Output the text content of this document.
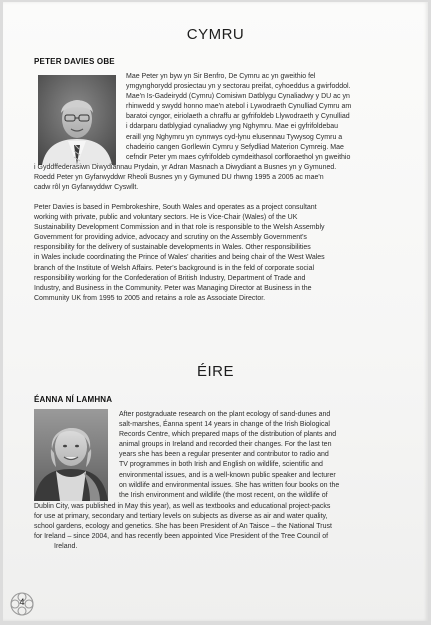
CYMRU
PETER DAVIES OBE

Mae Peter yn byw yn Sir Benfro, De Cymru ac yn gweithio fel

ymgynghorydd prosiectau yn y sectorau preifat, cyhoeddus a gwirfoddol.

Mae'n Is-Gadeirydd (Cymru) Comisiwn Datblygu Cynaliadwy y DU ac yn

rhinwedd y swydd honno mae'n atebol i Lywodraeth Cynulliad Cymru am

baratoi cyngor, eiriolaeth a chraffu ar gyfrifoldeb Llywodraeth y Cynulliad

i ddarparu datblygiad cynaliadwy yng Nghymru. Mae ei gyfrifoldebau

eraill yng Nghymru yn cynnwys cyd-lynu elusennau Tywysog Cymru a

chadeirio cangen Gorllewin Cymru y Sefydliad Materion Cymreig. Mae

cefndir Peter ym maes cyfrifoldeb cymdeithasol corfforaethol yn gweithio

i Gyddffederasiwn Diwydiannau Prydain, yr Adran Masnach a Diwydiant a Busnes yn y Gymuned.

Roedd Peter yn Gyfarwyddwr Rheoli Busnes yn y Gymuned DU rhwng 1995 a 2005 ac mae'n

cadw rôl yn Gyfarwyddwr Cyswllt.

Peter Davies is based in Pembrokeshire, South Wales and operates as a project consultant

working with private, public and voluntary sectors. He is Vice-Chair (Wales) of the UK

Sustainability Development Commission and in that role is responsible to the Welsh Assembly

Government for providing advice, advocacy and scrutiny on the Assembly Government's

responsibility for the delivery of sustainable developments in Wales. Other responsibilities

in Wales include coordinating the Prince of Wales' charities and being chair of the West Wales

branch of the Institute of Welsh Affairs. Peter's background is in the feld of corporate social

responsibility working for the Confederation of British Industry, Department of Trade and

Industry, and Business in the Community. Peter was Managing Director at Business in the

Community UK from 1995 to 2005 and retains a role as Associate Director.

ÉIRE
ÉANNA NÍ LAMHNA

After postgraduate research on the plant ecology of sand-dunes and

salt-marshes, Éanna spent 14 years in change of the Irish Biological

Records Centre, which prepared maps of the distribution of plants and

animal groups in Ireland and recorded their changes. For the last ten

years she has been a regular presenter and contributor to radio and

TV programmes in both Irish and English on wildlife, scientific and

environmental issues, and is a well-known public speaker and lecturer

on wildlife and environmental issues. She has written four books on the

the Irish environment and wildlife (the most recent, on the wildlife of

Dublin City, was published in May this year), as well as textbooks and educational project-packs

for use at primary, secondary and tertiary levels on subjects as diverse as air and water quality,

school gardens, ecology and genetics. She has been President of An Taisce – the National Trust

for Ireland – since 2004, and has recently been appointed Vice President of the Tree Council of

Ireland.

4
